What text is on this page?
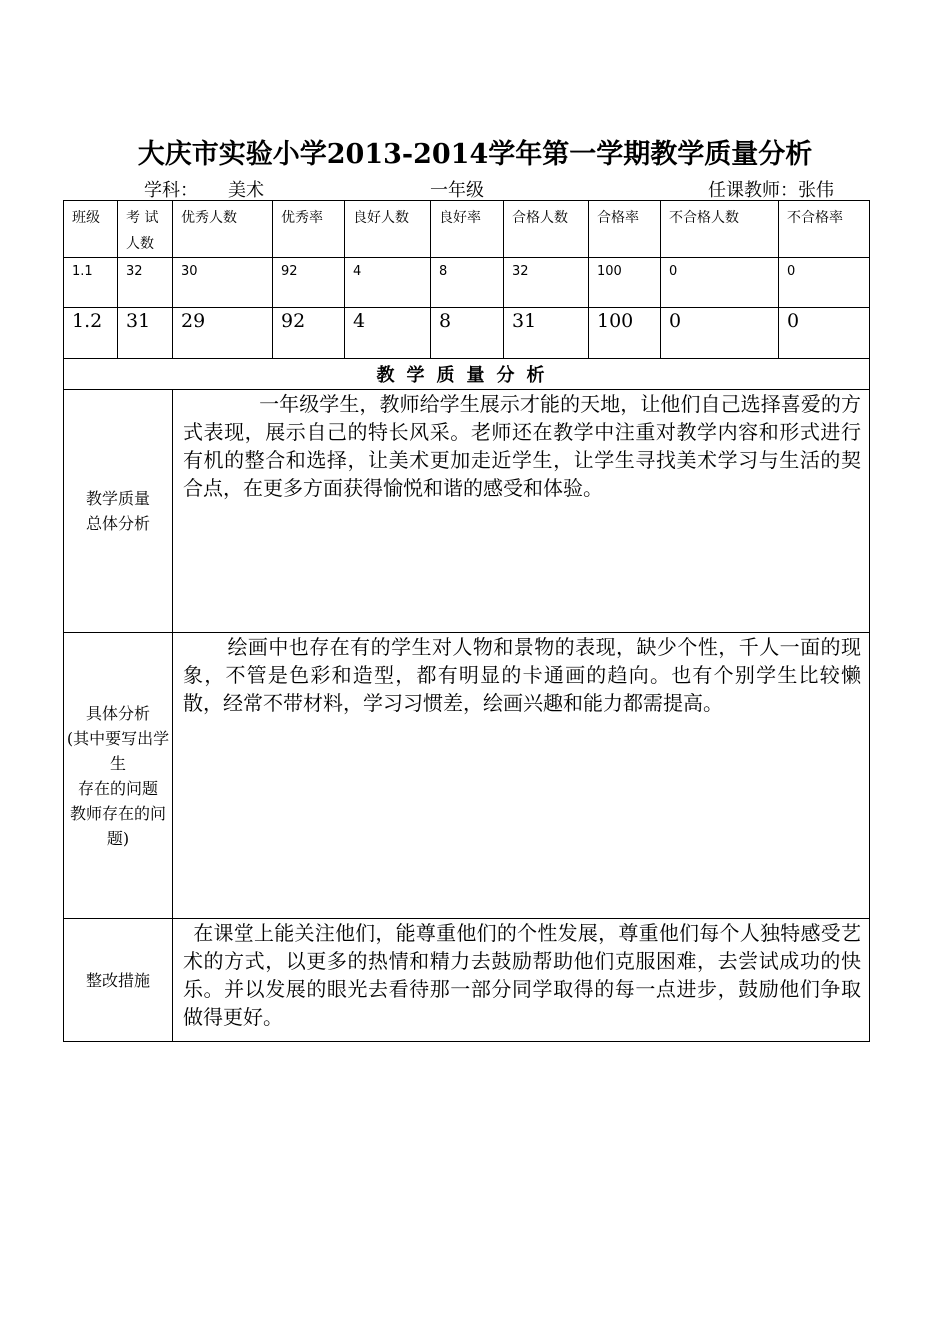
大庆市实验小学2013-2014学年第一学期教学质量分析
学科： 美术	一年级	任课教师：张伟
班级	考 试 人数	优秀人数	优秀率	良好人数	良好率	合格人数	合格率	不合格人数	不合格率
1.1	32	30	92	4	8	32	100	0	0
1.2	31	29	92	4	8	31	100	0	0
教学质量分析									

教学质量
总体分析		一年级学生，教师给学生展示才能的天地，让他们自己选择喜爱的方式表现，展示自己的特长风采。老师还在教学中注重对教学内容和形式进行有机的整合和选择，让美术更加走近学生，让学生寻找美术学习与生活的契合点，在更多方面获得愉悦和谐的感受和体验。							

具体分析
(其中要写出学生
存在的问题
教师存在的问题)		绘画中也存在有的学生对人物和景物的表现，缺少个性，千人一面的现象，不管是色彩和造型，都有明显的卡通画的趋向。也有个别学生比较懒散，经常不带材料，学习习惯差，绘画兴趣和能力都需提高。							

整改措施		在课堂上能关注他们，能尊重他们的个性发展，尊重他们每个人独特感受艺术的方式，以更多的热情和精力去鼓励帮助他们克服困难，去尝试成功的快乐。并以发展的眼光去看待那一部分同学取得的每一点进步，鼓励他们争取做得更好。							
